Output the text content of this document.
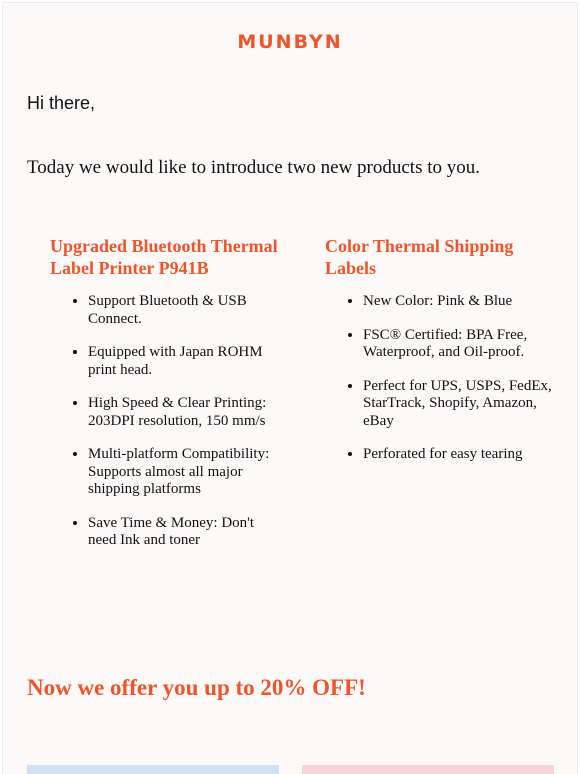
MUNBYN
Hi there,
Today we would like to introduce two new products to you.
Upgraded Bluetooth Thermal Label Printer P941B
• Support Bluetooth & USB Connect.
• Equipped with Japan ROHM print head.
• High Speed & Clear Printing: 203DPI resolution, 150 mm/s
• Multi-platform Compatibility: Supports almost all major shipping platforms
• Save Time & Money: Don't need Ink and toner
Color Thermal Shipping Labels
• New Color: Pink & Blue
• FSC® Certified: BPA Free, Waterproof, and Oil-proof.
• Perfect for UPS, USPS, FedEx, StarTrack, Shopify, Amazon, eBay
• Perforated for easy tearing
Now we offer you up to 20% OFF!
